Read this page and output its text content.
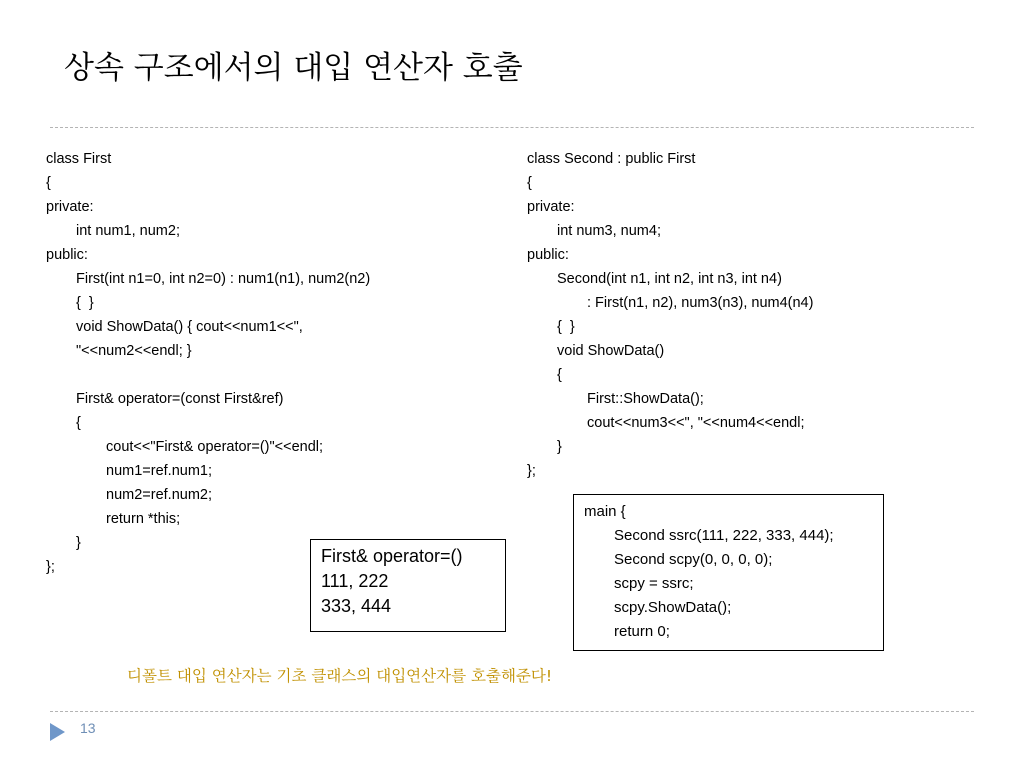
상속 구조에서의 대입 연산자 호출
class First
{
private:
int num1, num2;
public:
First(int n1=0, int n2=0) : num1(n1), num2(n2)
{  }
void ShowData() { cout<<num1<<",
"<<num2<<endl; }
First& operator=(const First&ref)
{
cout<<"First& operator=()"<<endl;
num1=ref.num1;
num2=ref.num2;
return *this;
}
};
class Second : public First
{
private:
int num3, num4;
public:
Second(int n1, int n2, int n3, int n4)
: First(n1, n2), num3(n3), num4(n4)
{  }
void ShowData()
{
First::ShowData();
cout<<num3<<", "<<num4<<endl;
}
};
main {
Second ssrc(111, 222, 333, 444);
Second scpy(0, 0, 0, 0);
scpy = ssrc;
scpy.ShowData();
return 0;
First& operator=()
111, 222
333, 444
디폴트 대입 연산자는 기초 클래스의 대입연산자를 호출해준다!
13
